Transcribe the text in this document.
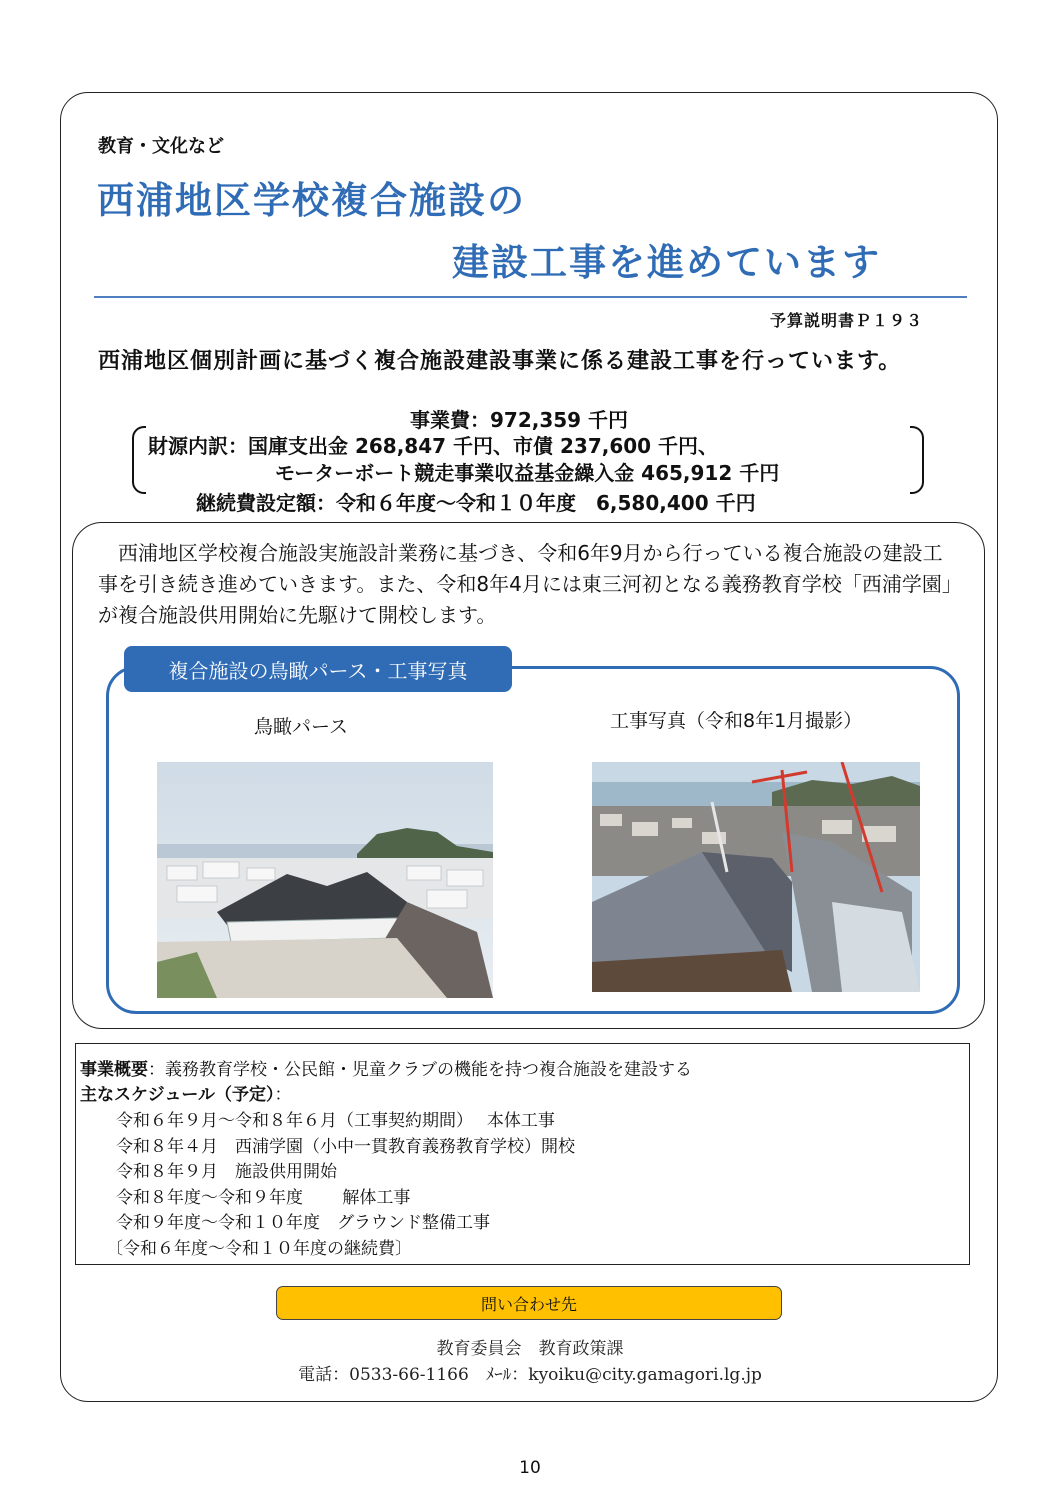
教育・文化など
西浦地区学校複合施設の
建設工事を進めています
予算説明書Ｐ１９３
西浦地区個別計画に基づく複合施設建設事業に係る建設工事を行っています。
事業費：972,359 千円
財源内訳：国庫支出金 268,847 千円、市債 237,600 千円、
モーターボート競走事業収益基金繰入金 465,912 千円
継続費設定額：令和６年度～令和１０年度　6,580,400 千円
西浦地区学校複合施設実施設計業務に基づき、令和6年9月から行っている複合施設の建設工事を引き続き進めていきます。また、令和8年4月には東三河初となる義務教育学校「西浦学園」が複合施設供用開始に先駆けて開校します。
複合施設の鳥瞰パース・工事写真
鳥瞰パース	工事写真（令和8年1月撮影）
事業概要：義務教育学校・公民館・児童クラブの機能を持つ複合施設を建設する
主なスケジュール（予定）：
令和６年９月～令和８年６月（工事契約期間）　 本体工事
令和８年４月　西浦学園（小中一貫教育義務教育学校）開校
令和８年９月　施設供用開始
令和８年度～令和９年度　　 解体工事
令和９年度～令和１０年度　グラウンド整備工事
〔令和６年度～令和１０年度の継続費〕
問い合わせ先
教育委員会　教育政策課
電話：0533-66-1166　ﾒｰﾙ：kyoiku@city.gamagori.lg.jp
10
